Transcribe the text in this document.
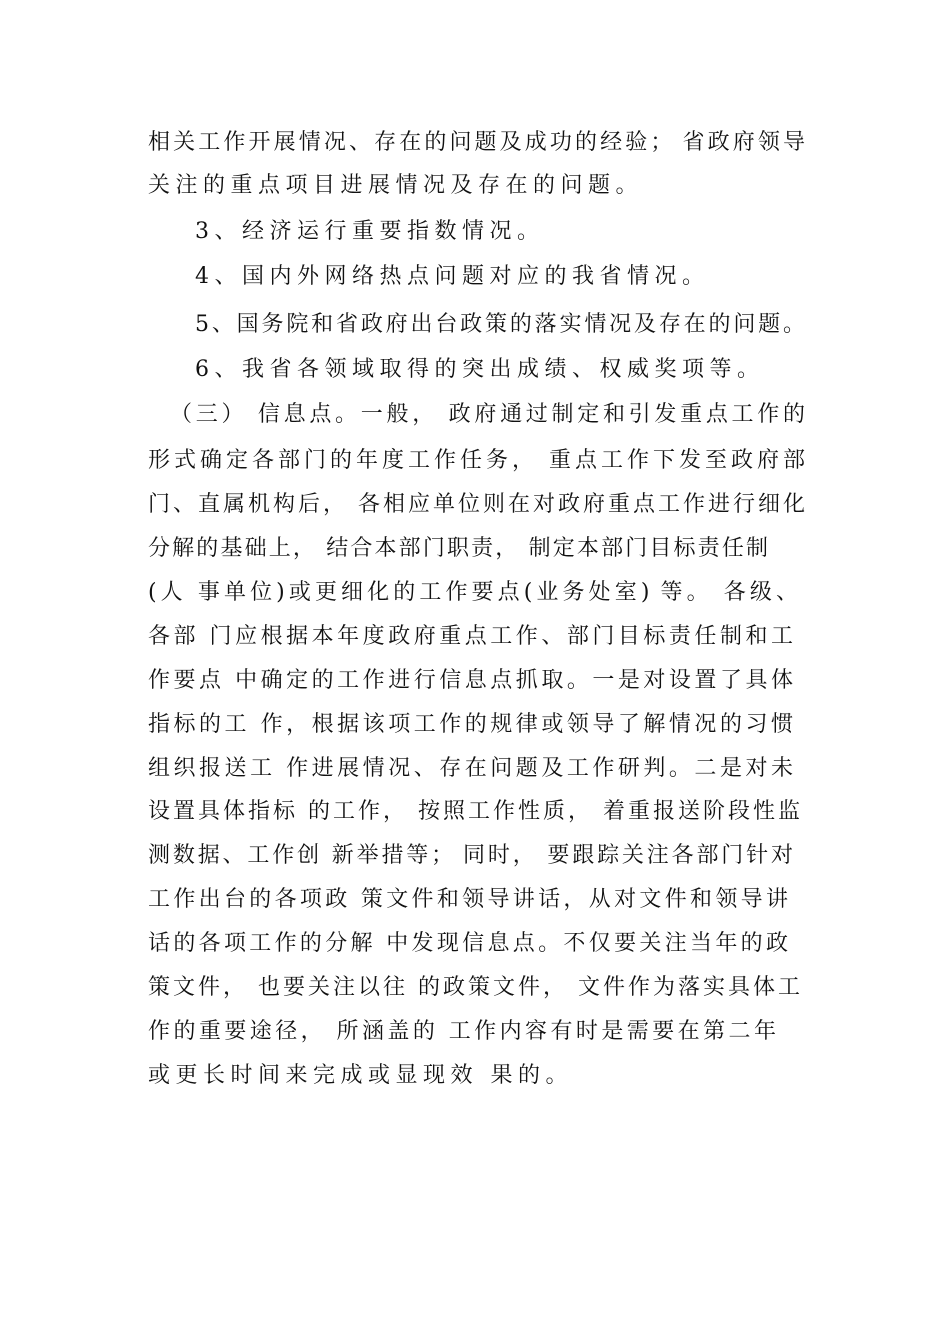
相关工作开展情况、存在的问题及成功的经验； 省政府领导
关注的重点项目进展情况及存在的问题。
3、经济运行重要指数情况。
4、国内外网络热点问题对应的我省情况。
5、国务院和省政府出台政策的落实情况及存在的问题。
6、我省各领域取得的突出成绩、权威奖项等。
（三） 信息点。一般， 政府通过制定和引发重点工作的
形式确定各部门的年度工作任务， 重点工作下发至政府部
门、直属机构后， 各相应单位则在对政府重点工作进行细化
分解的基础上， 结合本部门职责， 制定本部门目标责任制
(人 事单位)或更细化的工作要点(业务处室) 等。 各级、
各部 门应根据本年度政府重点工作、部门目标责任制和工
作要点 中确定的工作进行信息点抓取。一是对设置了具体
指标的工 作，根据该项工作的规律或领导了解情况的习惯
组织报送工 作进展情况、存在问题及工作研判。二是对未
设置具体指标 的工作， 按照工作性质， 着重报送阶段性监
测数据、工作创 新举措等； 同时， 要跟踪关注各部门针对
工作出台的各项政 策文件和领导讲话，从对文件和领导讲
话的各项工作的分解 中发现信息点。不仅要关注当年的政
策文件， 也要关注以往 的政策文件， 文件作为落实具体工
作的重要途径， 所涵盖的 工作内容有时是需要在第二年
或更长时间来完成或显现效 果的。
